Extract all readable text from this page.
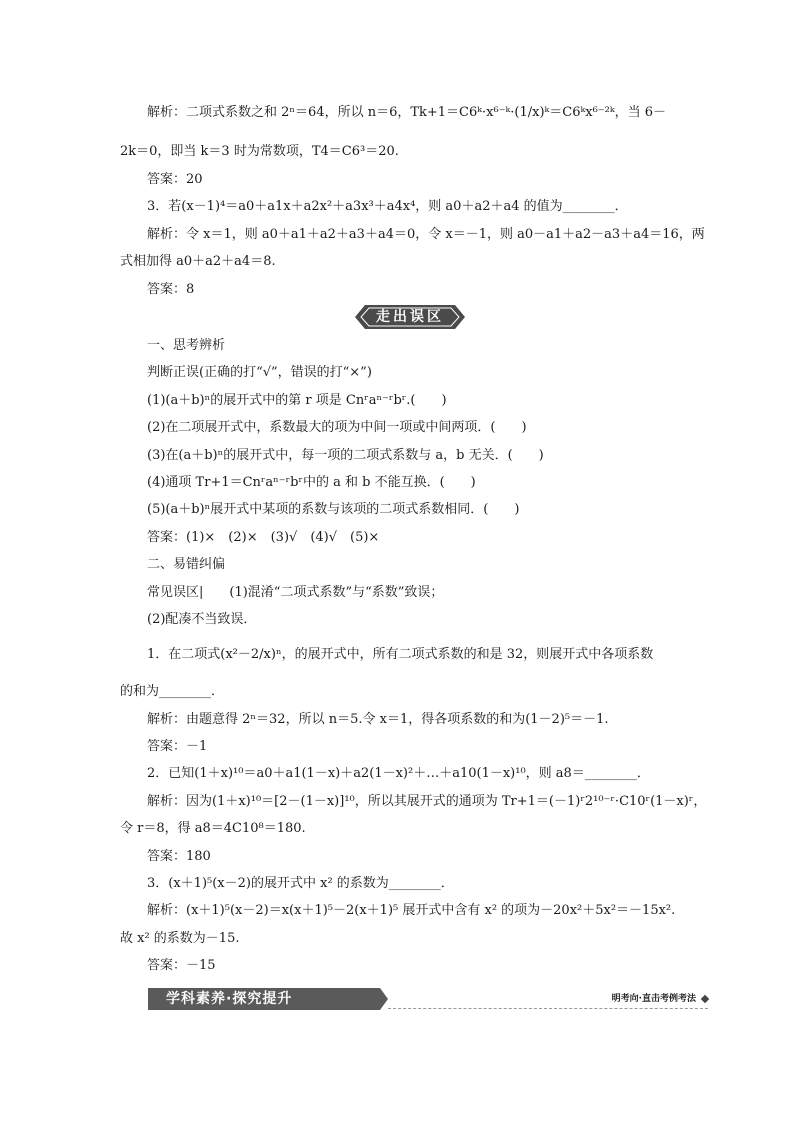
解析：二项式系数之和 2ⁿ＝64，所以 n＝6，Tk+1＝C6ᵏ·x⁶⁻ᵏ·(1/x)ᵏ＝C6ᵏx⁶⁻²ᵏ，当 6－
2k＝0，即当 k＝3 时为常数项，T4＝C6³＝20.
答案：20
3．若(x－1)⁴＝a0＋a1x＋a2x²＋a3x³＋a4x⁴，则 a0＋a2＋a4 的值为________．
解析：令 x＝1，则 a0＋a1＋a2＋a3＋a4＝0，令 x＝－1，则 a0－a1＋a2－a3＋a4＝16，两
式相加得 a0＋a2＋a4＝8.
答案：8
一、思考辨析
判断正误(正确的打“√”，错误的打“×”)
(1)(a＋b)ⁿ的展开式中的第 r 项是 Cnʳaⁿ⁻ʳbʳ.(　　)
(2)在二项展开式中，系数最大的项为中间一项或中间两项．(　　)
(3)在(a＋b)ⁿ的展开式中，每一项的二项式系数与 a，b 无关．(　　)
(4)通项 Tr+1＝Cnʳaⁿ⁻ʳbʳ中的 a 和 b 不能互换．(　　)
(5)(a＋b)ⁿ展开式中某项的系数与该项的二项式系数相同．(　　)
答案：(1)×　(2)×　(3)√　(4)√　(5)×
二、易错纠偏
常见误区|　　(1)混淆“二项式系数”与“系数”致误；
(2)配凑不当致误．
1．在二项式(x²－2/x)ⁿ，的展开式中，所有二项式系数的和是 32，则展开式中各项系数
的和为________．
解析：由题意得 2ⁿ＝32，所以 n＝5.令 x＝1，得各项系数的和为(1－2)⁵＝－1.
答案：－1
2．已知(1＋x)¹⁰＝a0＋a1(1－x)＋a2(1－x)²＋…＋a10(1－x)¹⁰，则 a8＝________．
解析：因为(1＋x)¹⁰＝[2－(1－x)]¹⁰，所以其展开式的通项为 Tr+1＝(－1)ʳ2¹⁰⁻ʳ·C10ʳ(1－x)ʳ，
令 r＝8，得 a8＝4C10⁸＝180.
答案：180
3．(x＋1)⁵(x－2)的展开式中 x² 的系数为________．
解析：(x＋1)⁵(x－2)＝x(x＋1)⁵－2(x＋1)⁵ 展开式中含有 x² 的项为－20x²＋5x²＝－15x².
故 x² 的系数为－15.
答案：－15
走出误区
学科素养·探究提升	明考向·直击考例考法
